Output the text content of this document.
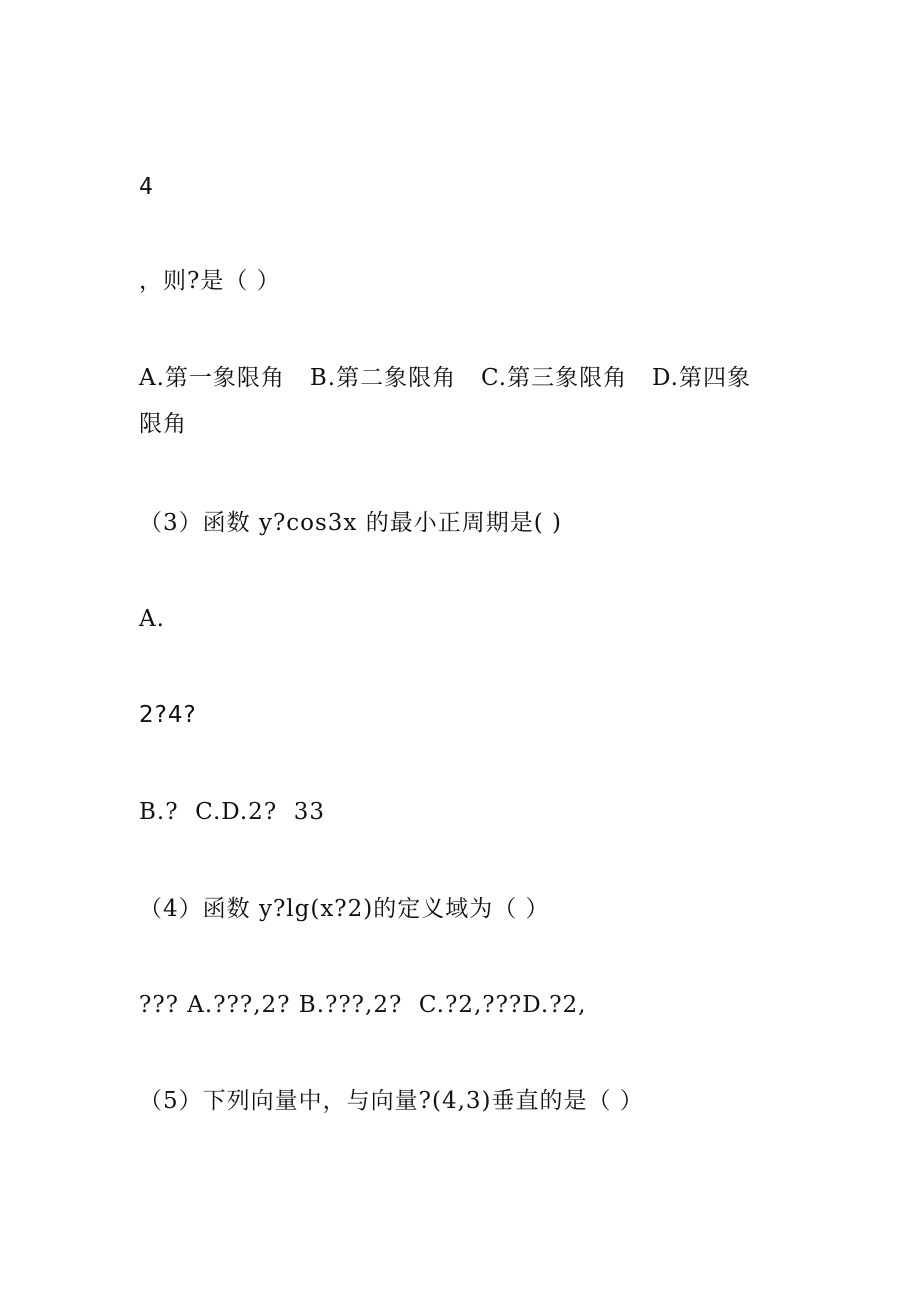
4
，则?是（ ）
A.第一象限角   B.第二象限角   C.第三象限角   D.第四象
限角
（3）函数 y?cos3x 的最小正周期是( )
A.
2?4?
B.?  C.D.2?  33
（4）函数 y?lg(x?2)的定义域为（ ）
??? A.???,2? B.???,2?  C.?2,???D.?2,
（5）下列向量中，与向量?(4,3)垂直的是（ ）
